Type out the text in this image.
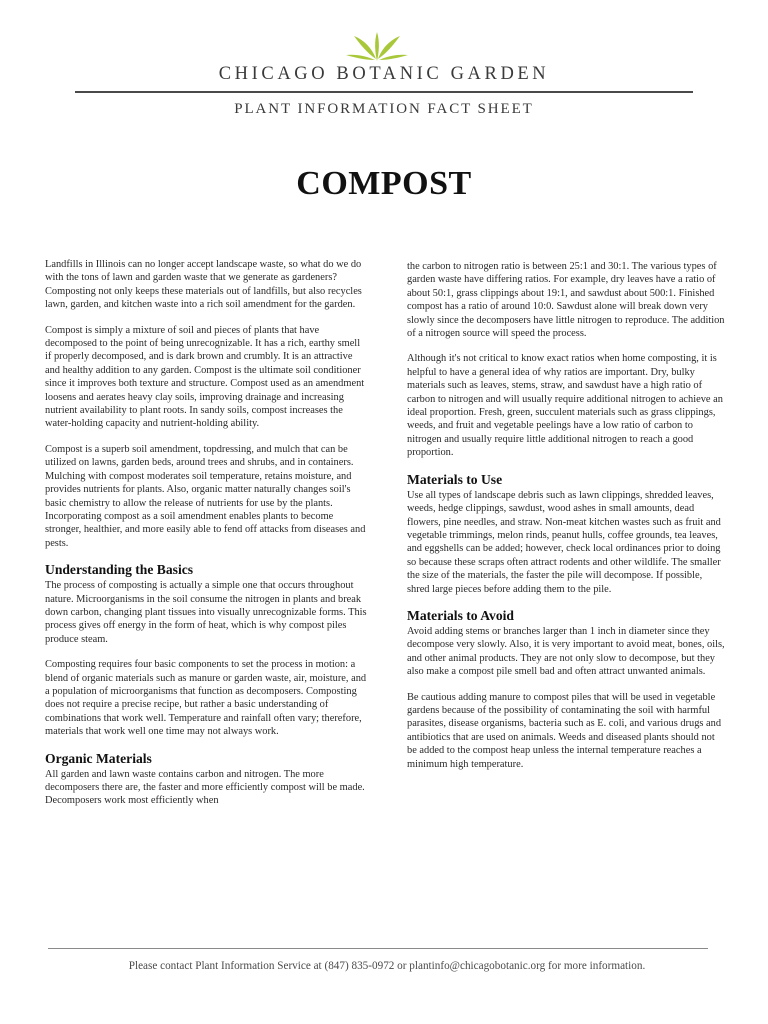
CHICAGO BOTANIC GARDEN
PLANT INFORMATION FACT SHEET
COMPOST

Landfills in Illinois can no longer accept landscape waste, so what do we do with the tons of lawn and garden waste that we generate as gardeners? Composting not only keeps these materials out of landfills, but also recycles lawn, garden, and kitchen waste into a rich soil amendment for the garden.

Compost is simply a mixture of soil and pieces of plants that have decomposed to the point of being unrecognizable. It has a rich, earthy smell if properly decomposed, and is dark brown and crumbly. It is an attractive and healthy addition to any garden. Compost is the ultimate soil conditioner since it improves both texture and structure. Compost used as an amendment loosens and aerates heavy clay soils, improving drainage and increasing nutrient availability to plant roots. In sandy soils, compost increases the water-holding capacity and nutrient-holding ability.

Compost is a superb soil amendment, topdressing, and mulch that can be utilized on lawns, garden beds, around trees and shrubs, and in containers. Mulching with compost moderates soil temperature, retains moisture, and provides nutrients for plants. Also, organic matter naturally changes soil's basic chemistry to allow the release of nutrients for use by the plants. Incorporating compost as a soil amendment enables plants to become stronger, healthier, and more easily able to fend off attacks from diseases and pests.

Understanding the Basics

The process of composting is actually a simple one that occurs throughout nature. Microorganisms in the soil consume the nitrogen in plants and break down carbon, changing plant tissues into visually unrecognizable forms. This process gives off energy in the form of heat, which is why compost piles produce steam.

Composting requires four basic components to set the process in motion: a blend of organic materials such as manure or garden waste, air, moisture, and a population of microorganisms that function as decomposers. Composting does not require a precise recipe, but rather a basic understanding of combinations that work well. Temperature and rainfall often vary; therefore, materials that work well one time may not always work.

Organic Materials

All garden and lawn waste contains carbon and nitrogen. The more decomposers there are, the faster and more efficiently compost will be made. Decomposers work most efficiently when

the carbon to nitrogen ratio is between 25:1 and 30:1. The various types of garden waste have differing ratios. For example, dry leaves have a ratio of about 50:1, grass clippings about 19:1, and sawdust about 500:1. Finished compost has a ratio of around 10:0. Sawdust alone will break down very slowly since the decomposers have little nitrogen to reproduce. The addition of a nitrogen source will speed the process.

Although it's not critical to know exact ratios when home composting, it is helpful to have a general idea of why ratios are important. Dry, bulky materials such as leaves, stems, straw, and sawdust have a high ratio of carbon to nitrogen and will usually require additional nitrogen to achieve an ideal proportion. Fresh, green, succulent materials such as grass clippings, weeds, and fruit and vegetable peelings have a low ratio of carbon to nitrogen and usually require little additional nitrogen to reach a good proportion.

Materials to Use

Use all types of landscape debris such as lawn clippings, shredded leaves, weeds, hedge clippings, sawdust, wood ashes in small amounts, dead flowers, pine needles, and straw. Non-meat kitchen wastes such as fruit and vegetable trimmings, melon rinds, peanut hulls, coffee grounds, tea leaves, and eggshells can be added; however, check local ordinances prior to doing so because these scraps often attract rodents and other wildlife. The smaller the size of the materials, the faster the pile will decompose. If possible, shred large pieces before adding them to the pile.

Materials to Avoid

Avoid adding stems or branches larger than 1 inch in diameter since they decompose very slowly. Also, it is very important to avoid meat, bones, oils, and other animal products. They are not only slow to decompose, but they also make a compost pile smell bad and often attract unwanted animals.

Be cautious adding manure to compost piles that will be used in vegetable gardens because of the possibility of contaminating the soil with harmful parasites, disease organisms, bacteria such as E. coli, and various drugs and antibiotics that are used on animals. Weeds and diseased plants should not be added to the compost heap unless the internal temperature reaches a minimum high temperature.

Please contact Plant Information Service at (847) 835-0972 or plantinfo@chicagobotanic.org for more information.
